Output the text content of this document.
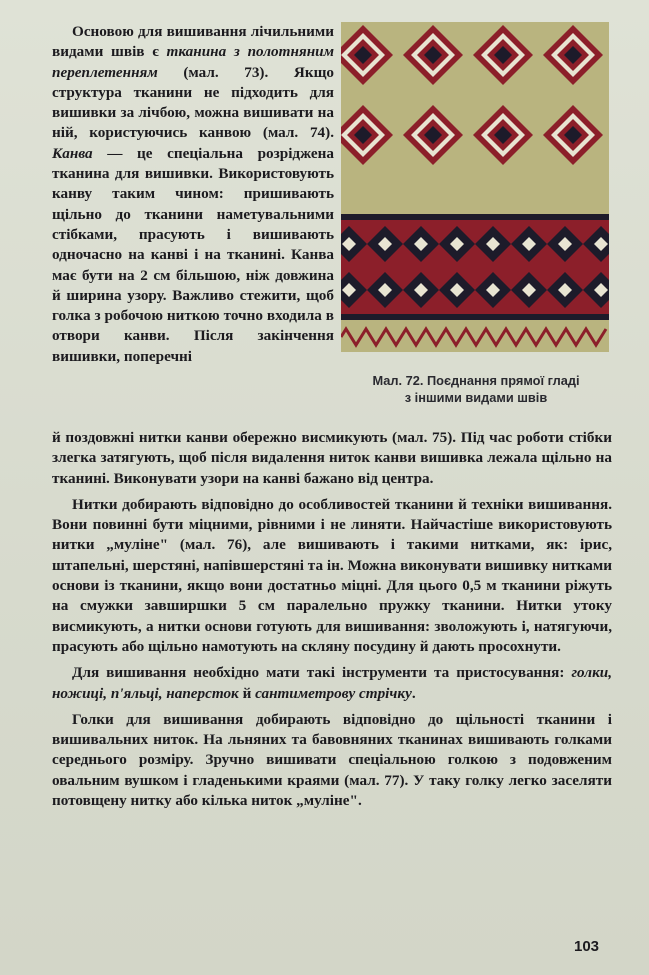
Основою для вишивання лічильними видами швів є тканина з полотняним переплетенням (мал. 73). Якщо структура тканини не підходить для вишивки за лічбою, можна вишивати на ній, користуючись канвою (мал. 74). Канва — це спеціальна розріджена тканина для вишивки. Використовують канву таким чином: пришивають щільно до тканини наметувальними стібками, прасують і вишивають одночасно на канві і на тканині. Канва має бути на 2 см більшою, ніж довжина й ширина узору. Важливо стежити, щоб голка з робочою ниткою точно входила в отвори канви. Після закінчення вишивки, поперечні

Мал. 72. Поєднання прямої гладі
з іншими видами швів

й поздовжні нитки канви обережно висмикують (мал. 75). Під час роботи стібки злегка затягують, щоб після видалення ниток канви вишивка лежала щільно на тканині. Виконувати узори на канві бажано від центра.

Нитки добирають відповідно до особливостей тканини й техніки вишивання. Вони повинні бути міцними, рівними і не линяти. Найчастіше використовують нитки „муліне" (мал. 76), але вишивають і такими нитками, як: ірис, штапельні, шерстяні, напівшерстяні та ін. Можна виконувати вишивку нитками основи із тканини, якщо вони достатньо міцні. Для цього 0,5 м тканини ріжуть на смужки завширшки 5 см паралельно пружку тканини. Нитки утоку висмикують, а нитки основи готують для вишивання: зволожують і, натягуючи, прасують або щільно намотують на скляну посудину й дають просохнути.

Для вишивання необхідно мати такі інструменти та пристосування: голки, ножиці, п'яльці, наперсток й сантиметрову стрічку.

Голки для вишивання добирають відповідно до щільності тканини і вишивальних ниток. На льняних та бавовняних тканинах вишивають голками середнього розміру. Зручно вишивати спеціальною голкою з подовженим овальним вушком і гладенькими краями (мал. 77). У таку голку легко заселяти потовщену нитку або кілька ниток „муліне".

103
